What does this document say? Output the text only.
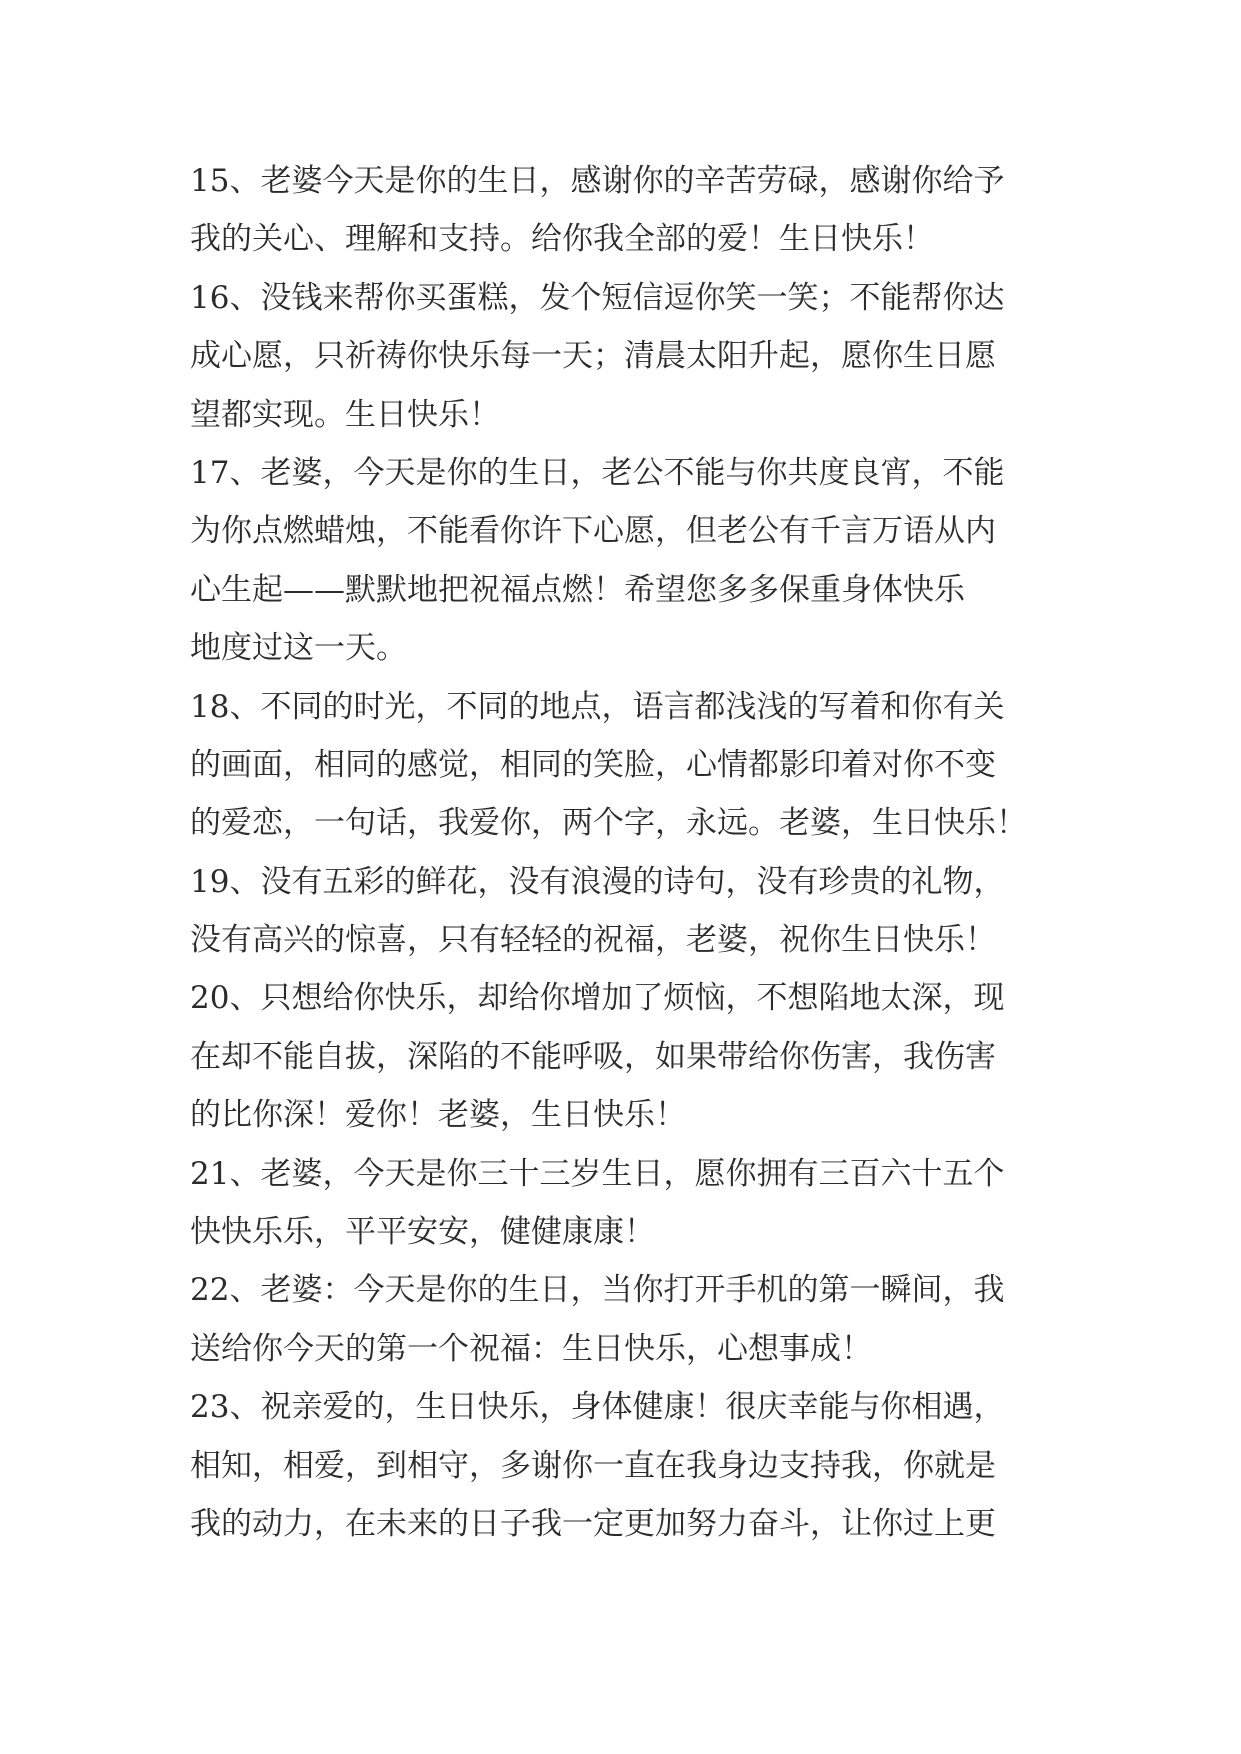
15、老婆今天是你的生日，感谢你的辛苦劳碌，感谢你给予
我的关心、理解和支持。给你我全部的爱！生日快乐！
16、没钱来帮你买蛋糕，发个短信逗你笑一笑；不能帮你达
成心愿，只祈祷你快乐每一天；清晨太阳升起，愿你生日愿
望都实现。生日快乐！
17、老婆，今天是你的生日，老公不能与你共度良宵，不能
为你点燃蜡烛，不能看你许下心愿，但老公有千言万语从内
心生起——默默地把祝福点燃！希望您多多保重身体快乐
地度过这一天。
18、不同的时光，不同的地点，语言都浅浅的写着和你有关
的画面，相同的感觉，相同的笑脸，心情都影印着对你不变
的爱恋，一句话，我爱你，两个字，永远。老婆，生日快乐！
19、没有五彩的鲜花，没有浪漫的诗句，没有珍贵的礼物，
没有高兴的惊喜，只有轻轻的祝福，老婆，祝你生日快乐！
20、只想给你快乐，却给你增加了烦恼，不想陷地太深，现
在却不能自拔，深陷的不能呼吸，如果带给你伤害，我伤害
的比你深！爱你！老婆，生日快乐！
21、老婆，今天是你三十三岁生日，愿你拥有三百六十五个
快快乐乐，平平安安，健健康康！
22、老婆：今天是你的生日，当你打开手机的第一瞬间，我
送给你今天的第一个祝福：生日快乐，心想事成！
23、祝亲爱的，生日快乐，身体健康！很庆幸能与你相遇，
相知，相爱，到相守，多谢你一直在我身边支持我，你就是
我的动力，在未来的日子我一定更加努力奋斗，让你过上更
